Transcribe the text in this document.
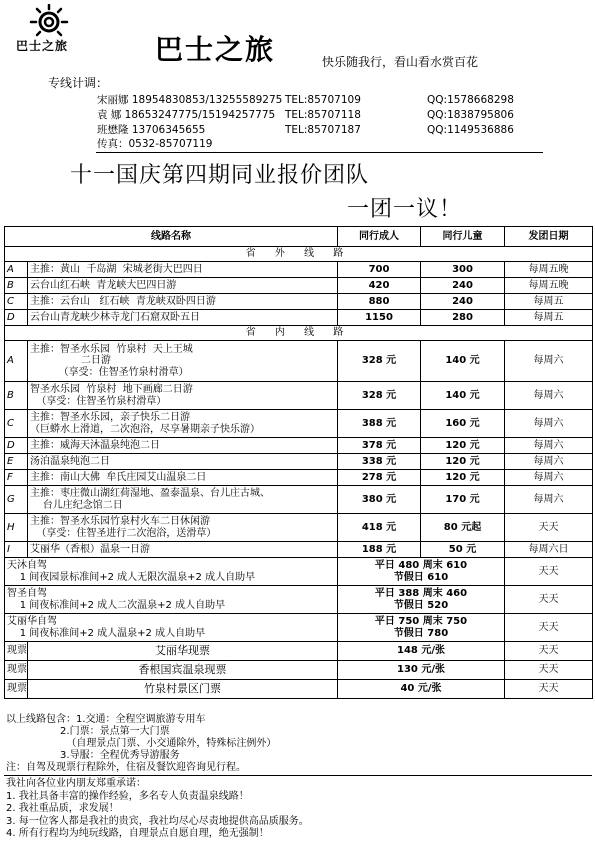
巴士之旅	巴士之旅	快乐随我行，看山看水赏百花
专线计调：
宋丽娜 18954830853/13255589275 TEL:85707109	QQ:1578668298
袁 娜 18653247775/15194257775 TEL:85707118	QQ:1838795806
班懋隆 13706345655	TEL:85707187	QQ:1149536886
传真：0532-85707119
十一国庆第四期同业报价团队
一团一议！
线路名称		同行成人	同行儿童	发团日期
省 外 线 路				
A	主推：黄山  千岛湖  宋城老街大巴四日	700	300	每周五晚
B	云台山红石峡  青龙峡大巴四日游	420	240	每周五晚
C	主推：云台山   红石峡  青龙峡双卧四日游	880	240	每周五
D	云台山青龙峡少林寺龙门石窟双卧五日	1150	280	每周五
省 内 线 路				
A	主推：智圣水乐园  竹泉村  天上王城
二日游
（享受：住智圣竹泉村滑草）	328 元	140 元	每周六
B	智圣水乐园  竹泉村  地下画廊二日游
（享受：住智圣竹泉村滑草）	328 元	140 元	每周六
C	主推：智圣水乐园，亲子快乐二日游
（巨蟒水上滑道，二次泡浴，尽享暑期亲子快乐游）	388 元	160 元	每周六
D	主推：威海天沐温泉纯泡二日	378 元	120 元	每周六
E	汤泊温泉纯泡二日	338 元	120 元	每周六
F	主推：南山大佛  牟氏庄园艾山温泉二日	278 元	120 元	每周六
G	主推：枣庄微山湖红荷湿地、盈泰温泉、台儿庄古城、
台儿庄纪念馆二日	380 元	170 元	每周六
H	主推：智圣水乐园竹泉村火车二日休闲游
（享受：住智圣进行二次泡浴，送滑草）	418 元	80 元起	天天
I	艾丽华（香根）温泉一日游	188 元	50 元	每周六日
天沐自驾
1 间夜园景标准间+2 成人无限次温泉+2 成人自助早		平日 480 周末 610
节假日 610		天天
智圣自驾
1 间夜标准间+2 成人二次温泉+2 成人自助早		平日 388 周末 460
节假日 520		天天
艾丽华自驾
1 间夜标准间+2 成人温泉+2 成人自助早		平日 750 周末 750
节假日 780		天天
现票	艾丽华现票	148 元/张		天天
现票	香根国宾温泉现票	130 元/张		天天
现票	竹泉村景区门票	40 元/张		天天
以上线路包含：1.交通：全程空调旅游专用车
2.门票：景点第一大门票
（自理景点门票、小交通除外，特殊标注例外）
3.导服：全程优秀导游服务
注：自驾及现票行程除外，住宿及餐饮迎咨询见行程。
我社向各位业内朋友郑重承诺：
1. 我社具备丰富的操作经验，多名专人负责温泉线路！
2. 我社重品质，求发展！
3. 每一位客人都是我社的贵宾，我社均尽心尽责地提供高品质服务。
4. 所有行程均为纯玩线路，自理景点自愿自理，绝无强制！
